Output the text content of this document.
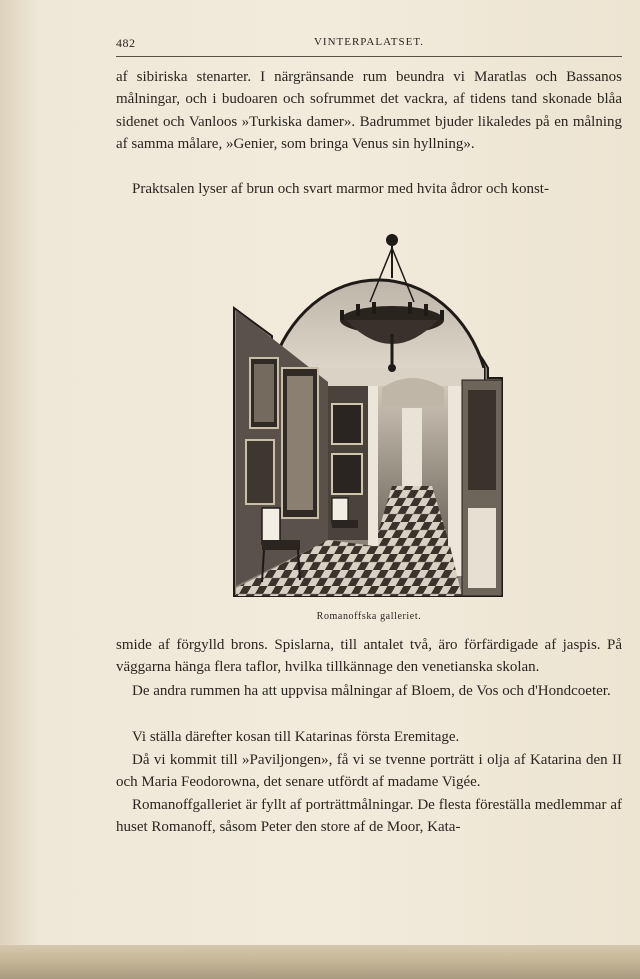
482	VINTERPALATSET.

af sibiriska stenarter. I närgränsande rum beundra vi Maratlas och Bassanos målningar, och i budoaren och sofrummet det vackra, af tidens tand skonade blåa sidenet och Vanloos »Turkiska damer». Badrummet bjuder likaledes på en målning af samma målare, »Genier, som bringa Venus sin hyllning».

Praktsalen lyser af brun och svart marmor med hvita ådror och konst-

Romanoffska galleriet.

smide af förgylld brons. Spislarna, till antalet två, äro förfärdigade af jaspis. På väggarna hänga flera taflor, hvilka tillkännage den venetianska skolan.

De andra rummen ha att uppvisa målningar af Bloem, de Vos och d'Hondcoeter.

Vi ställa därefter kosan till Katarinas första Eremitage.

Då vi kommit till »Paviljongen», få vi se tvenne porträtt i olja af Katarina den II och Maria Feodorowna, det senare utfördt af madame Vigée.

Romanoffgalleriet är fyllt af porträttmålningar. De flesta föreställa medlemmar af huset Romanoff, såsom Peter den store af de Moor, Kata-
